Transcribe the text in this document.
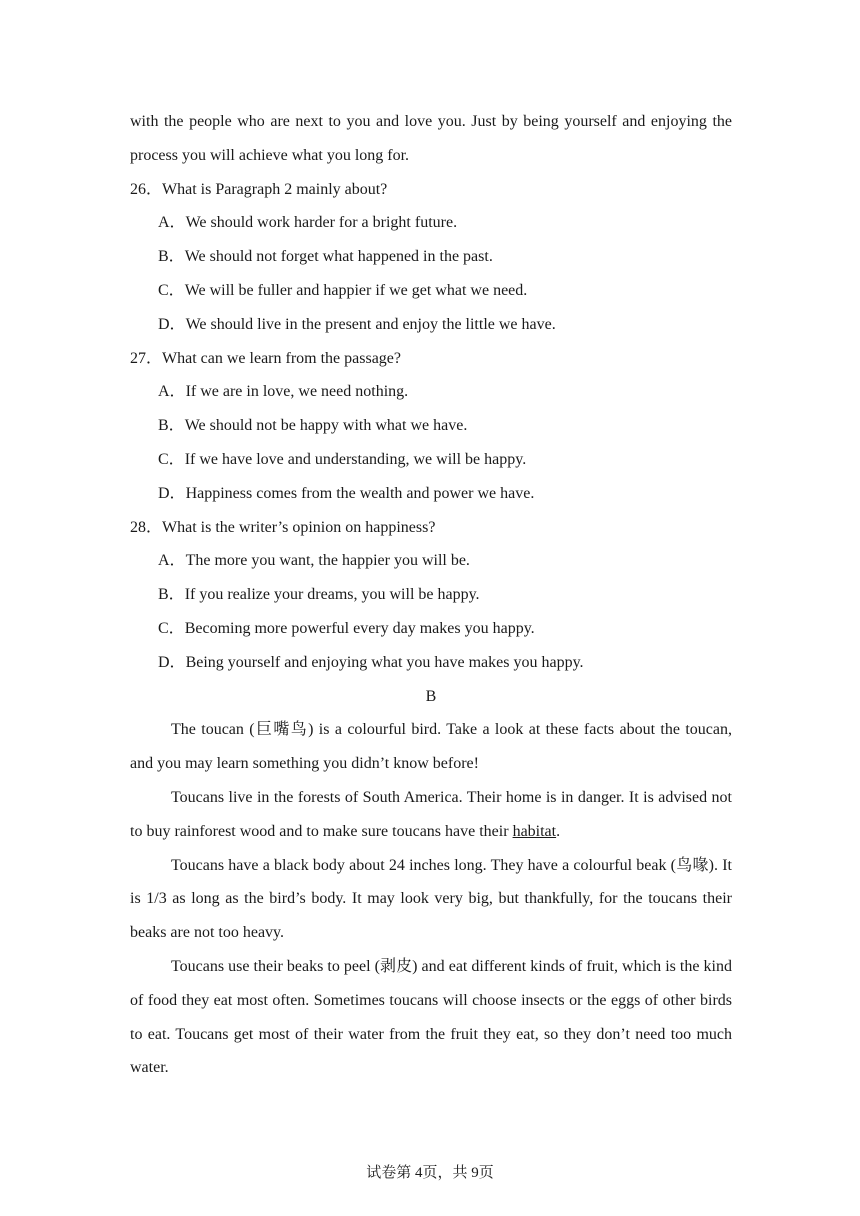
with the people who are next to you and love you. Just by being yourself and enjoying the process you will achieve what you long for.

26．What is Paragraph 2 mainly about?

A．We should work harder for a bright future.

B．We should not forget what happened in the past.

C．We will be fuller and happier if we get what we need.

D．We should live in the present and enjoy the little we have.

27．What can we learn from the passage?

A．If we are in love, we need nothing.

B．We should not be happy with what we have.

C．If we have love and understanding, we will be happy.

D．Happiness comes from the wealth and power we have.

28．What is the writer’s opinion on happiness?

A．The more you want, the happier you will be.

B．If you realize your dreams, you will be happy.

C．Becoming more powerful every day makes you happy.

D．Being yourself and enjoying what you have makes you happy.

B

The toucan (巨嘴鸟) is a colourful bird. Take a look at these facts about the toucan, and you may learn something you didn’t know before!

Toucans live in the forests of South America. Their home is in danger. It is advised not to buy rainforest wood and to make sure toucans have their habitat.

Toucans have a black body about 24 inches long. They have a colourful beak (鸟喙). It is 1/3 as long as the bird’s body. It may look very big, but thankfully, for the toucans their beaks are not too heavy.

Toucans use their beaks to peel (剥皮) and eat different kinds of fruit, which is the kind of food they eat most often. Sometimes toucans will choose insects or the eggs of other birds to eat. Toucans get most of their water from the fruit they eat, so they don’t need too much water.

试卷第 4页，共 9页
